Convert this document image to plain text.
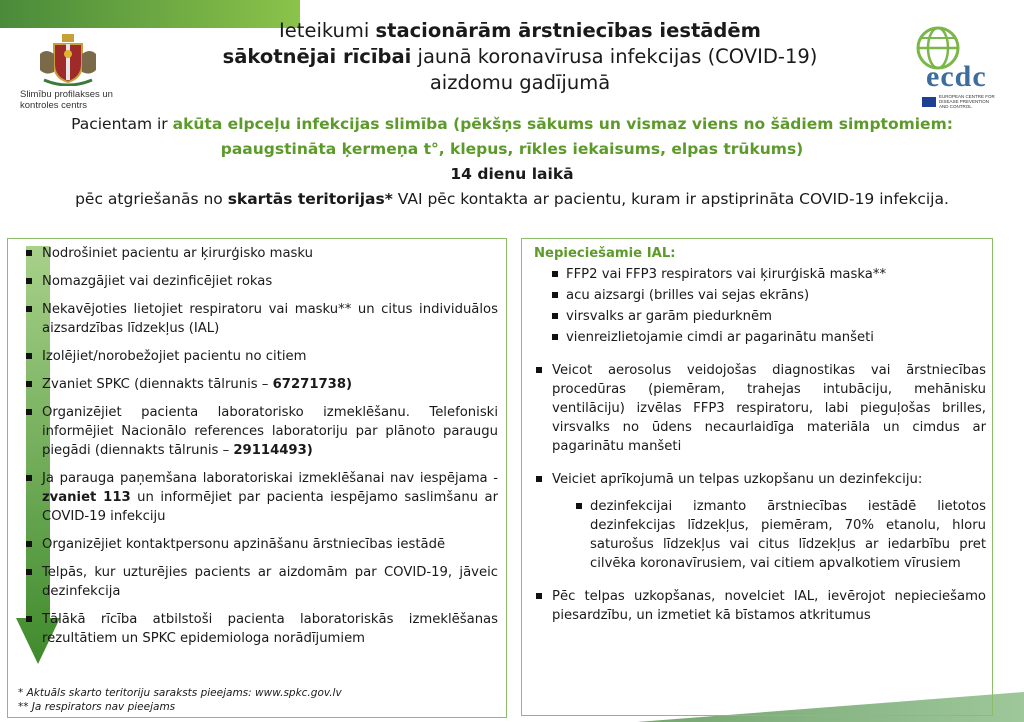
Slimību profilakses un
kontroles centrs
ecdc
EUROPEAN CENTRE FOR
DISEASE PREVENTION
AND CONTROL
Ieteikumi stacionārām ārstniecības iestādēm
sākotnējai rīcībai jaunā koronavīrusa infekcijas (COVID-19) aizdomu gadījumā
Pacientam ir akūta elpceļu infekcijas slimība (pēkšņs sākums un vismaz viens no šādiem simptomiem:
paaugstināta ķermeņa t°, klepus, rīkles iekaisums, elpas trūkums)
14 dienu laikā
pēc atgriešanās no skartās teritorijas* VAI pēc kontakta ar pacientu, kuram ir apstiprināta COVID-19 infekcija.
Nodrošiniet pacientu ar ķirurģisko masku
Nomazgājiet vai dezinficējiet rokas
Nekavējoties lietojiet respiratoru vai masku** un citus individuālos aizsardzības līdzekļus (IAL)
Izolējiet/norobežojiet pacientu no citiem
Zvaniet SPKC (diennakts tālrunis – 67271738)
Organizējiet pacienta laboratorisko izmeklēšanu. Telefoniski informējiet Nacionālo references laboratoriju par plānoto paraugu piegādi (diennakts tālrunis – 29114493)
Ja parauga paņemšana laboratoriskai izmeklēšanai nav iespējama - zvaniet 113 un informējiet par pacienta iespējamo saslimšanu ar COVID-19 infekciju
Organizējiet kontaktpersonu apzināšanu ārstniecības iestādē
Telpās, kur uzturējies pacients ar aizdomām par COVID-19, jāveic dezinfekcija
Tālākā rīcība atbilstoši pacienta laboratoriskās izmeklēšanas rezultātiem un SPKC epidemiologa norādījumiem
* Aktuāls skarto teritoriju saraksts pieejams: www.spkc.gov.lv
** Ja respirators nav pieejams
Nepieciešamie IAL:
FFP2 vai FFP3 respirators vai ķirurģiskā maska**
acu aizsargi (brilles vai sejas ekrāns)
virsvalks ar garām piedurknēm
vienreizlietojamie cimdi ar pagarinātu manšeti
Veicot aerosolus veidojošas diagnostikas vai ārstniecības procedūras (piemēram, trahejas intubāciju, mehānisku ventilāciju) izvēlas FFP3 respiratoru, labi pieguļošas brilles, virsvalks no ūdens necaurlaidīga materiāla un cimdus ar pagarinātu manšeti
Veiciet aprīkojumā un telpas uzkopšanu un dezinfekciju:
dezinfekcijai izmanto ārstniecības iestādē lietotos dezinfekcijas līdzekļus, piemēram, 70% etanolu, hloru saturošus līdzekļus vai citus līdzekļus ar iedarbību pret cilvēka koronavīrusiem, vai citiem apvalkotiem vīrusiem
Pēc telpas uzkopšanas, novelciet IAL, ievērojot nepieciešamo piesardzību, un izmetiet kā bīstamos atkritumus
